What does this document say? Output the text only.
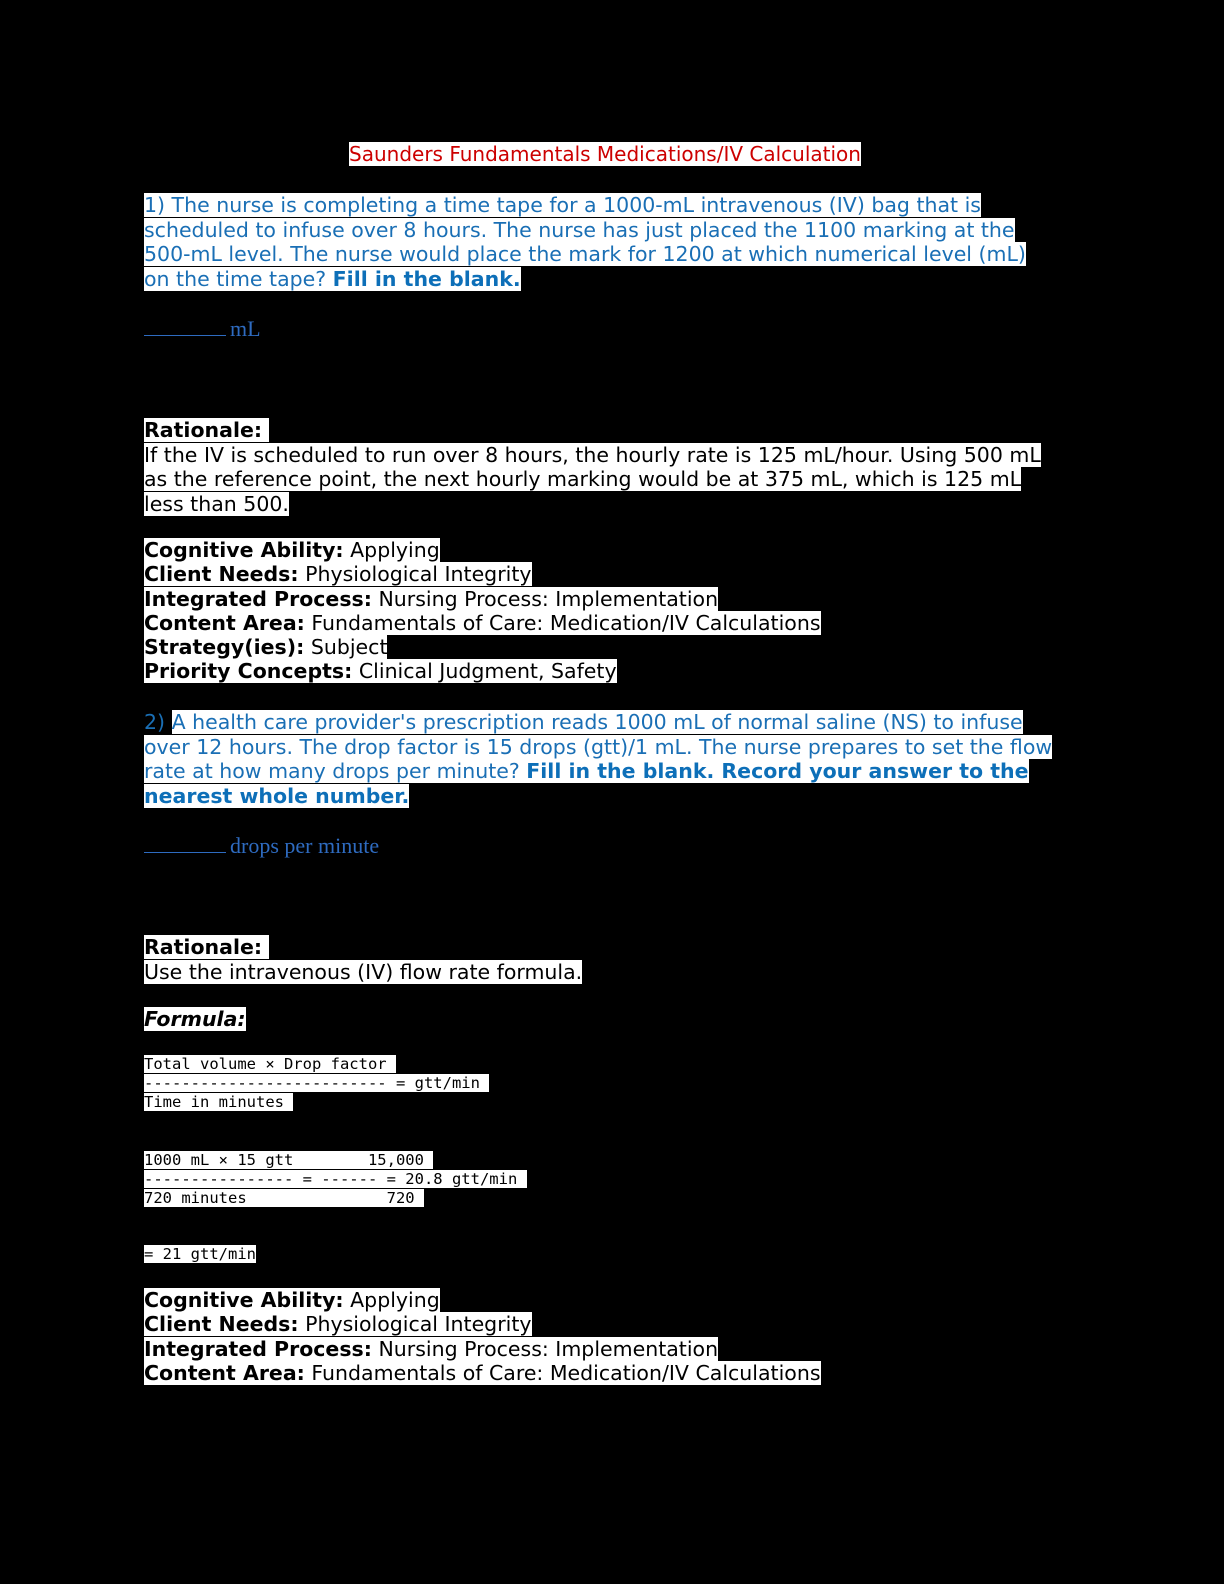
Saunders Fundamentals Medications/IV Calculation
1) The nurse is completing a time tape for a 1000-mL intravenous (IV) bag that is
scheduled to infuse over 8 hours. The nurse has just placed the 1100 marking at the
500-mL level. The nurse would place the mark for 1200 at which numerical level (mL)
on the time tape? Fill in the blank.
mL
Rationale:
If the IV is scheduled to run over 8 hours, the hourly rate is 125 mL/hour. Using 500 mL
as the reference point, the next hourly marking would be at 375 mL, which is 125 mL
less than 500.
Cognitive Ability: Applying
Client Needs: Physiological Integrity
Integrated Process: Nursing Process: Implementation
Content Area: Fundamentals of Care: Medication/IV Calculations
Strategy(ies): Subject
Priority Concepts: Clinical Judgment, Safety
2) A health care provider's prescription reads 1000 mL of normal saline (NS) to infuse
over 12 hours. The drop factor is 15 drops (gtt)/1 mL. The nurse prepares to set the flow
rate at how many drops per minute? Fill in the blank. Record your answer to the
nearest whole number.
drops per minute
Rationale:
Use the intravenous (IV) flow rate formula.
Formula:
Total volume × Drop factor
-------------------------- = gtt/min
Time in minutes
1000 mL × 15 gtt        15,000
---------------- = ------ = 20.8 gtt/min
720 minutes               720
= 21 gtt/min
Cognitive Ability: Applying
Client Needs: Physiological Integrity
Integrated Process: Nursing Process: Implementation
Content Area: Fundamentals of Care: Medication/IV Calculations
